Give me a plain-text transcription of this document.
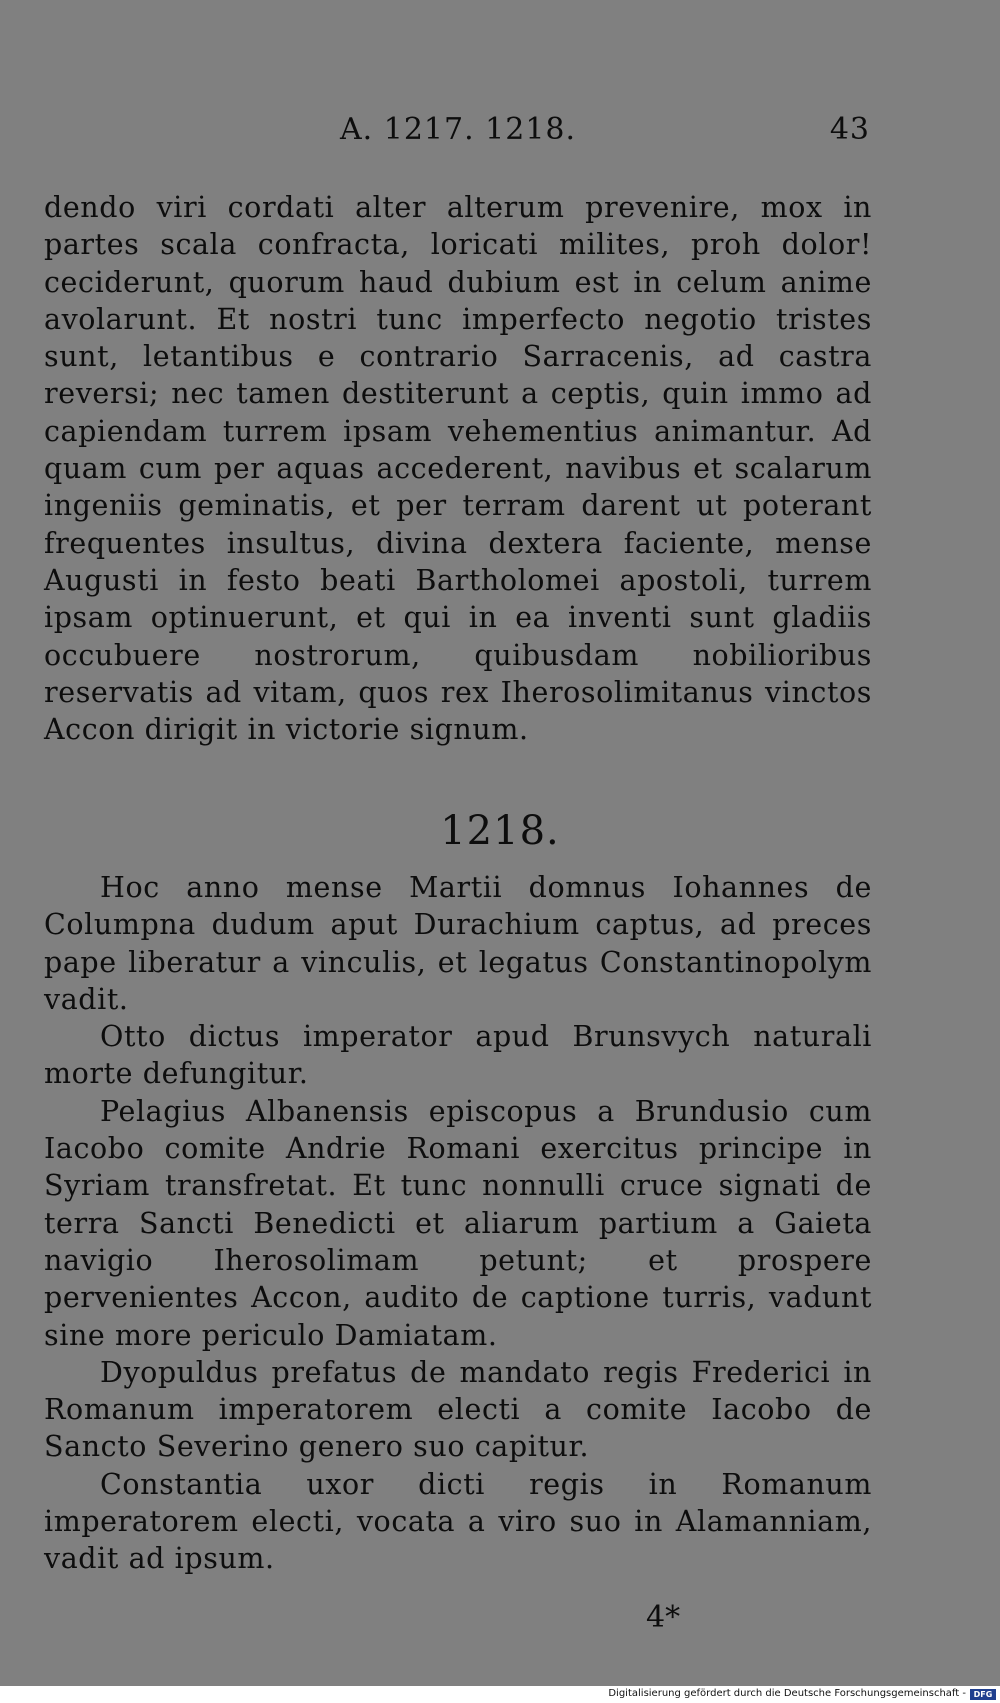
A. 1217. 1218.	43

dendo viri cordati alter alterum prevenire, mox in partes scala confracta, loricati milites, proh dolor! ceciderunt, quorum haud dubium est in celum anime avolarunt. Et nostri tunc imperfecto negotio tristes sunt, letantibus e contrario Sarracenis, ad castra reversi; nec tamen destiterunt a ceptis, quin immo ad capiendam turrem ipsam vehementius animantur. Ad quam cum per aquas accederent, navibus et scalarum ingeniis geminatis, et per terram darent ut poterant frequentes insultus, divina dextera faciente, mense Augusti in festo beati Bartholomei apostoli, turrem ipsam optinuerunt, et qui in ea inventi sunt gladiis occubuere nostrorum, quibusdam nobilioribus reservatis ad vitam, quos rex Iherosolimitanus vinctos Accon dirigit in victorie signum.

1218.

Hoc anno mense Martii domnus Iohannes de Columpna dudum aput Durachium captus, ad preces pape liberatur a vinculis, et legatus Constantinopolym vadit.

Otto dictus imperator apud Brunsvych naturali morte defungitur.

Pelagius Albanensis episcopus a Brundusio cum Iacobo comite Andrie Romani exercitus principe in Syriam transfretat. Et tunc nonnulli cruce signati de terra Sancti Benedicti et aliarum partium a Gaieta navigio Iherosolimam petunt; et prospere pervenientes Accon, audito de captione turris, vadunt sine more periculo Damiatam.

Dyopuldus prefatus de mandato regis Frederici in Romanum imperatorem electi a comite Iacobo de Sancto Severino genero suo capitur.

Constantia uxor dicti regis in Romanum imperatorem electi, vocata a viro suo in Alamanniam, vadit ad ipsum.

4*
Digitalisierung gefördert durch die Deutsche Forschungsgemeinschaft - DFG
